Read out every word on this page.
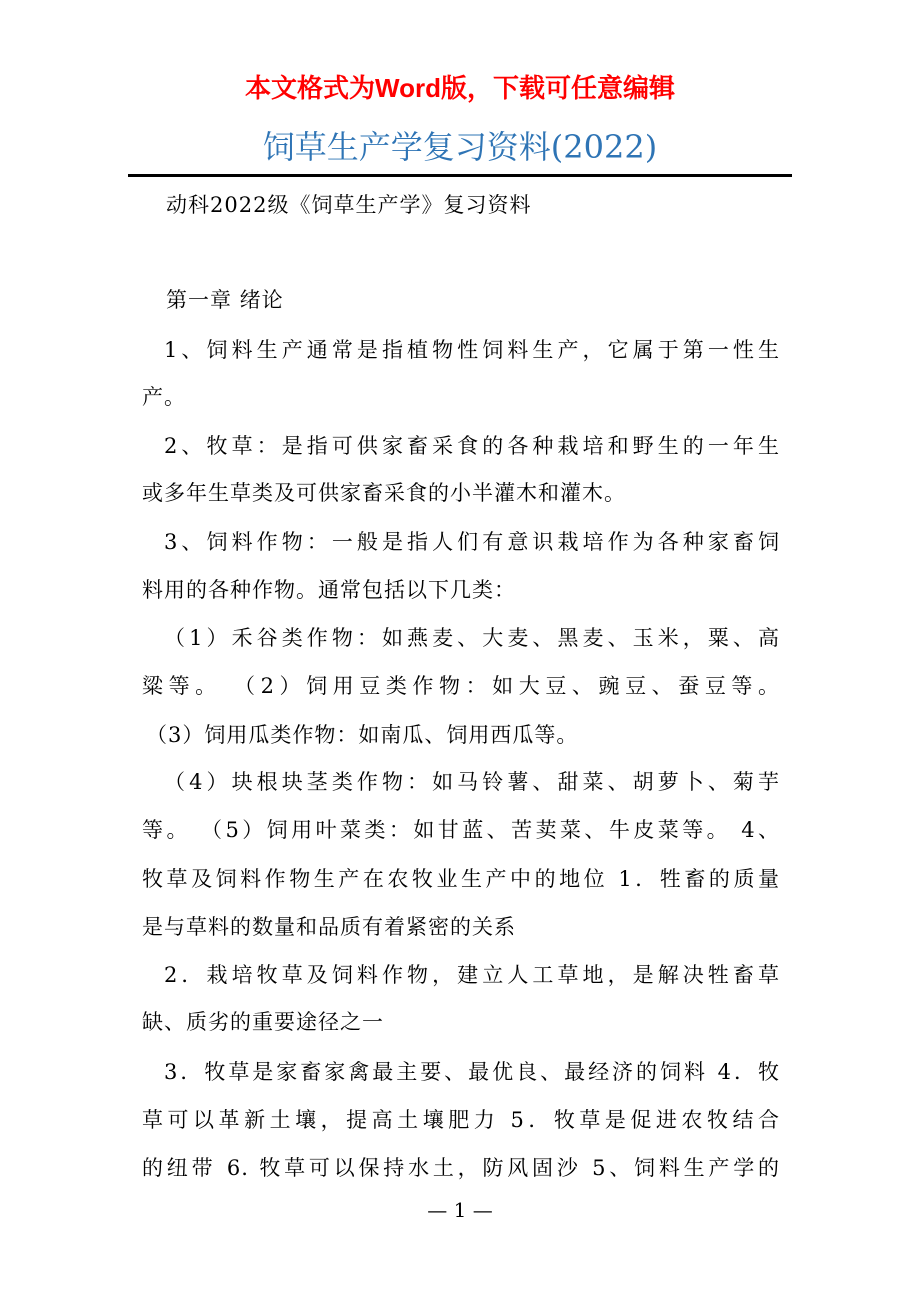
本文格式为Word版，下载可任意编辑
饲草生产学复习资料(2022)
动科2022级《饲草生产学》复习资料
第一章 绪论
1、饲料生产通常是指植物性饲料生产，它属于第一性生
产。
2、牧草：是指可供家畜采食的各种栽培和野生的一年生
或多年生草类及可供家畜采食的小半灌木和灌木。
3、饲料作物：一般是指人们有意识栽培作为各种家畜饲
料用的各种作物。通常包括以下几类：
（1）禾谷类作物：如燕麦、大麦、黑麦、玉米，粟、高
粱等。 （2）饲用豆类作物：如大豆、豌豆、蚕豆等。
（3）饲用瓜类作物：如南瓜、饲用西瓜等。
（4）块根块茎类作物：如马铃薯、甜菜、胡萝卜、菊芋
等。 （5）饲用叶菜类：如甘蓝、苦荬菜、牛皮菜等。 4、
牧草及饲料作物生产在农牧业生产中的地位 1．牲畜的质量
是与草料的数量和品质有着紧密的关系
2．栽培牧草及饲料作物，建立人工草地，是解决牲畜草
缺、质劣的重要途径之一
3．牧草是家畜家禽最主要、最优良、最经济的饲料 4．牧
草可以革新土壤，提高土壤肥力 5．牧草是促进农牧结合
的纽带 6. 牧草可以保持水土，防风固沙 5、饲料生产学的
— 1 —
